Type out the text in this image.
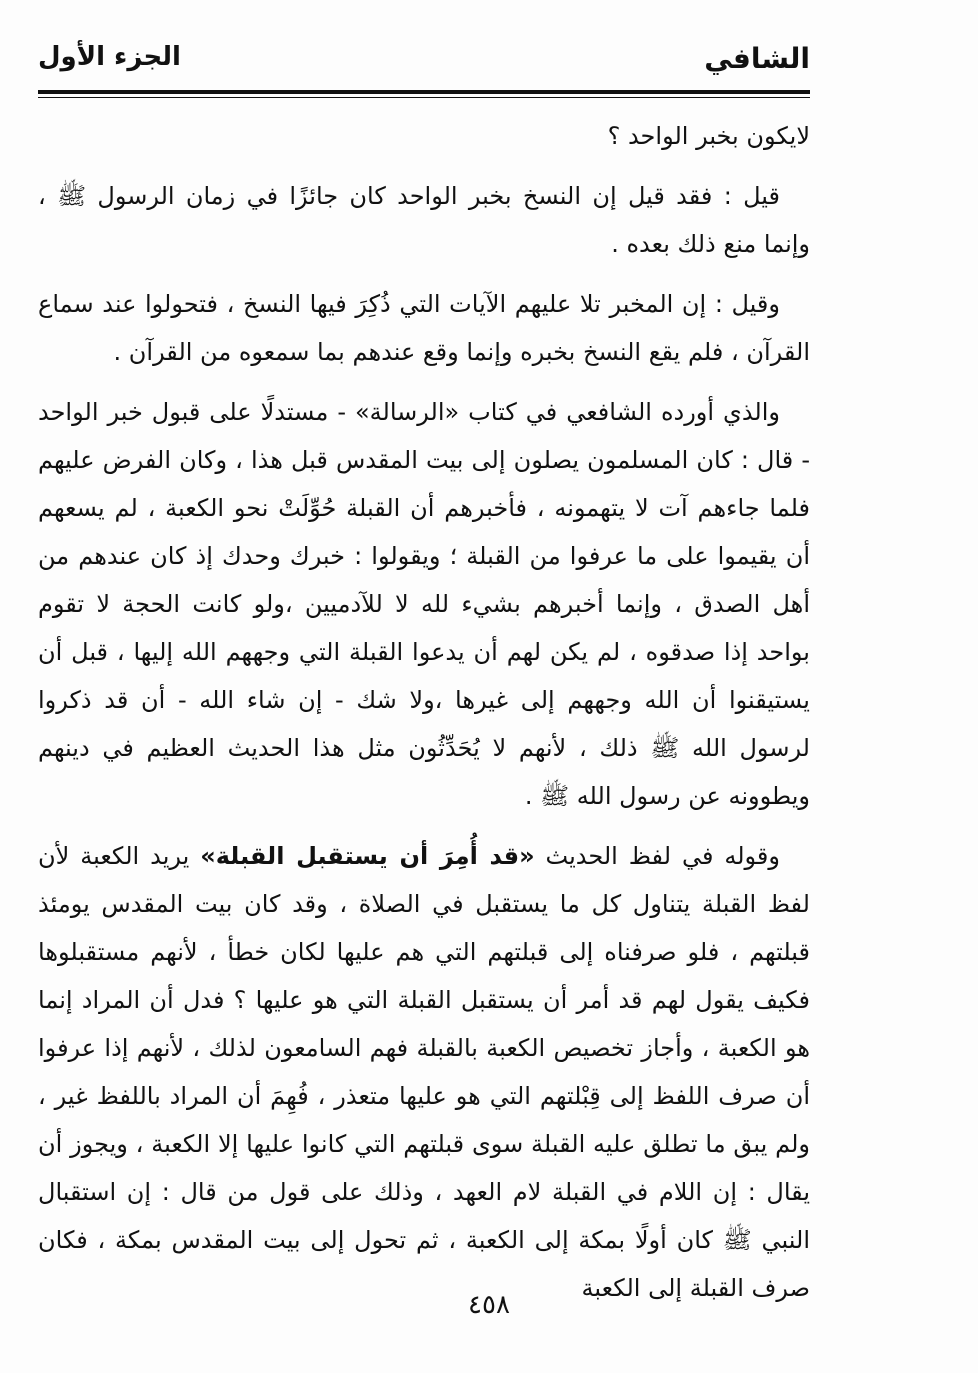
الشافي
الجزء الأول

لايكون بخبر الواحد ؟

قيل : فقد قيل إن النسخ بخبر الواحد كان جائزًا في زمان الرسول ﷺ ، وإنما منع ذلك بعده .

وقيل : إن المخبر تلا عليهم الآيات التي ذُكِرَ فيها النسخ ، فتحولوا عند سماع القرآن ، فلم يقع النسخ بخبره وإنما وقع عندهم بما سمعوه من القرآن .

والذي أورده الشافعي في كتاب «الرسالة» - مستدلًا على قبول خبر الواحد - قال : كان المسلمون يصلون إلى بيت المقدس قبل هذا ، وكان الفرض عليهم فلما جاءهم آت لا يتهمونه ، فأخبرهم أن القبلة حُوِّلَتْ نحو الكعبة ، لم يسعهم أن يقيموا على ما عرفوا من القبلة ؛ ويقولوا : خبرك وحدك إذ كان عندهم من أهل الصدق ، وإنما أخبرهم بشيء لله لا للآدميين ،ولو كانت الحجة لا تقوم بواحد إذا صدقوه ، لم يكن لهم أن يدعوا القبلة التي وجههم الله إليها ، قبل أن يستيقنوا أن الله وجههم إلى غيرها ،ولا شك - إن شاء الله - أن قد ذكروا لرسول الله ﷺ ذلك ، لأنهم لا يُحَدِّثُون مثل هذا الحديث العظيم في دينهم ويطوونه عن رسول الله ﷺ .

وقوله في لفظ الحديث «قد أُمِرَ أن يستقبل القبلة» يريد الكعبة لأن لفظ القبلة يتناول كل ما يستقبل في الصلاة ، وقد كان بيت المقدس يومئذ قبلتهم ، فلو صرفناه إلى قبلتهم التي هم عليها لكان خطأ ، لأنهم مستقبلوها فكيف يقول لهم قد أمر أن يستقبل القبلة التي هو عليها ؟ فدل أن المراد إنما هو الكعبة ، وأجاز تخصيص الكعبة بالقبلة فهم السامعون لذلك ، لأنهم إذا عرفوا أن صرف اللفظ إلى قِبْلتهم التي هو عليها متعذر ، فُهِمَ أن المراد باللفظ غير ، ولم يبق ما تطلق عليه القبلة سوى قبلتهم التي كانوا عليها إلا الكعبة ، ويجوز أن يقال : إن اللام في القبلة لام العهد ، وذلك على قول من قال : إن استقبال النبي ﷺ كان أولًا بمكة إلى الكعبة ، ثم تحول إلى بيت المقدس بمكة ، فكان صرف القبلة إلى الكعبة

٤٥٨
